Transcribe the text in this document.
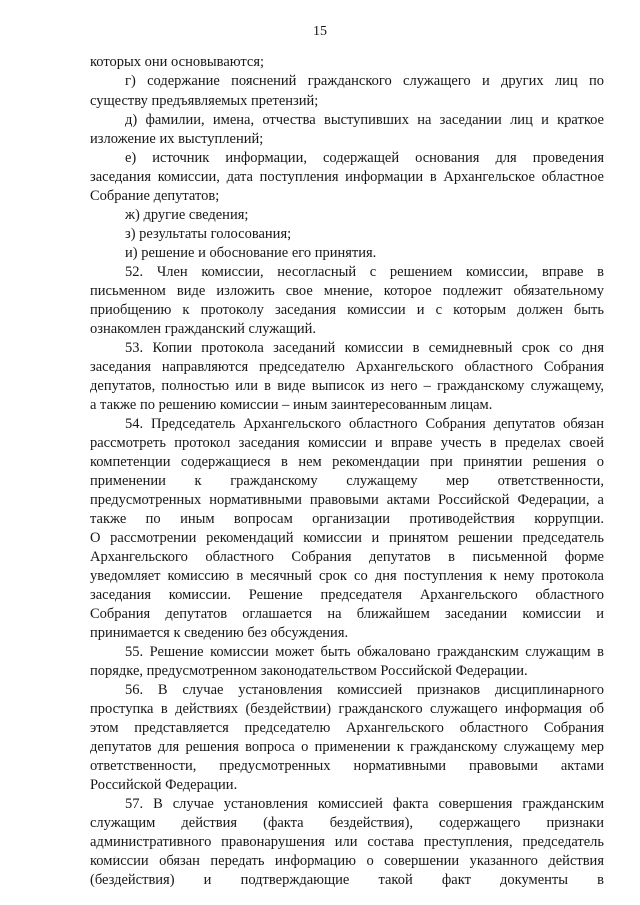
15
которых они основываются;
г) содержание пояснений гражданского служащего и других лиц по
существу предъявляемых претензий;
д) фамилии, имена, отчества выступивших на заседании лиц и краткое
изложение их выступлений;
е) источник информации, содержащей основания для проведения
заседания комиссии, дата поступления информации в Архангельское областное
Собрание депутатов;
ж) другие сведения;
з) результаты голосования;
и) решение и обоснование его принятия.
52. Член комиссии, несогласный с решением комиссии, вправе в
письменном виде изложить свое мнение, которое подлежит обязательному
приобщению к протоколу заседания комиссии и с которым должен быть
ознакомлен гражданский служащий.
53. Копии протокола заседаний комиссии в семидневный срок со дня
заседания направляются председателю Архангельского областного Собрания
депутатов, полностью или в виде выписок из него – гражданскому служащему,
а также по решению комиссии – иным заинтересованным лицам.
54. Председатель Архангельского областного Собрания депутатов обязан
рассмотреть протокол заседания комиссии и вправе учесть в пределах своей
компетенции содержащиеся в нем рекомендации при принятии решения о
применении к гражданскому служащему мер ответственности,
предусмотренных нормативными правовыми актами Российской Федерации, а
также по иным вопросам организации противодействия коррупции.
О рассмотрении рекомендаций комиссии и принятом решении председатель
Архангельского областного Собрания депутатов в письменной форме
уведомляет комиссию в месячный срок со дня поступления к нему протокола
заседания комиссии. Решение председателя Архангельского областного
Собрания депутатов оглашается на ближайшем заседании комиссии и
принимается к сведению без обсуждения.
55. Решение комиссии может быть обжаловано гражданским служащим в
порядке, предусмотренном законодательством Российской Федерации.
56. В случае установления комиссией признаков дисциплинарного
проступка в действиях (бездействии) гражданского служащего информация об
этом представляется председателю Архангельского областного Собрания
депутатов для решения вопроса о применении к гражданскому служащему мер
ответственности, предусмотренных нормативными правовыми актами
Российской Федерации.
57. В случае установления комиссией факта совершения гражданским
служащим действия (факта бездействия), содержащего признаки
административного правонарушения или состава преступления, председатель
комиссии обязан передать информацию о совершении указанного действия
(бездействия) и подтверждающие такой факт документы в
